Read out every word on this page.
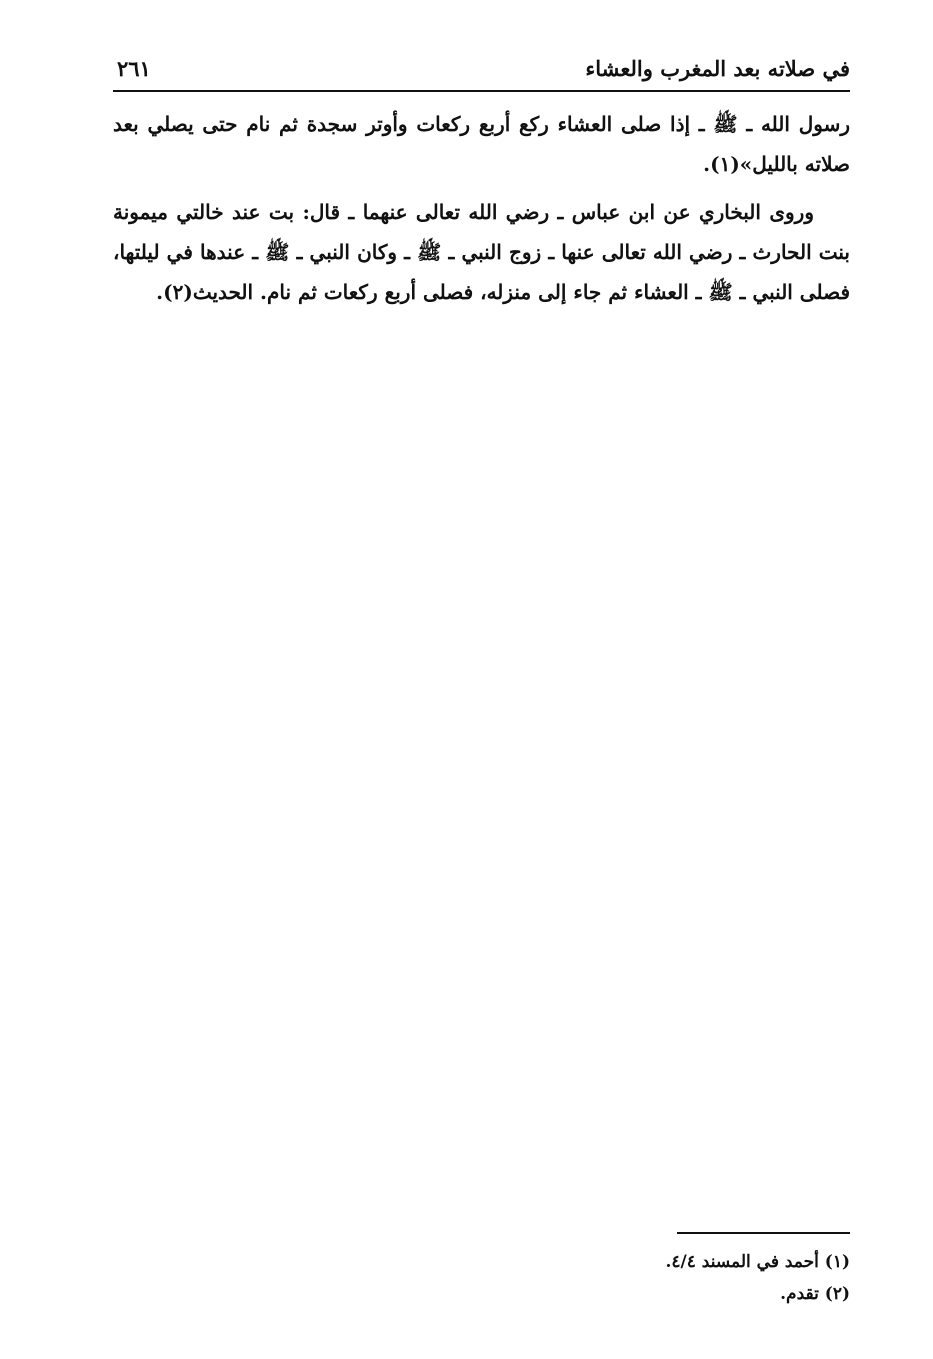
في صلاته بعد المغرب والعشاء
٢٦١

رسول الله ـ ﷺ ـ إذا صلى العشاء ركع أربع ركعات وأوتر سجدة ثم نام حتى يصلي بعد صلاته بالليل»(١).

وروى البخاري عن ابن عباس ـ رضي الله تعالى عنهما ـ قال: بت عند خالتي ميمونة بنت الحارث ـ رضي الله تعالى عنها ـ زوج النبي ـ ﷺ ـ وكان النبي ـ ﷺ ـ عندها في ليلتها، فصلى النبي ـ ﷺ ـ العشاء ثم جاء إلى منزله، فصلى أربع ركعات ثم نام. الحديث(٢).

(١) أحمد في المسند ٤/٤.
(٢) تقدم.
